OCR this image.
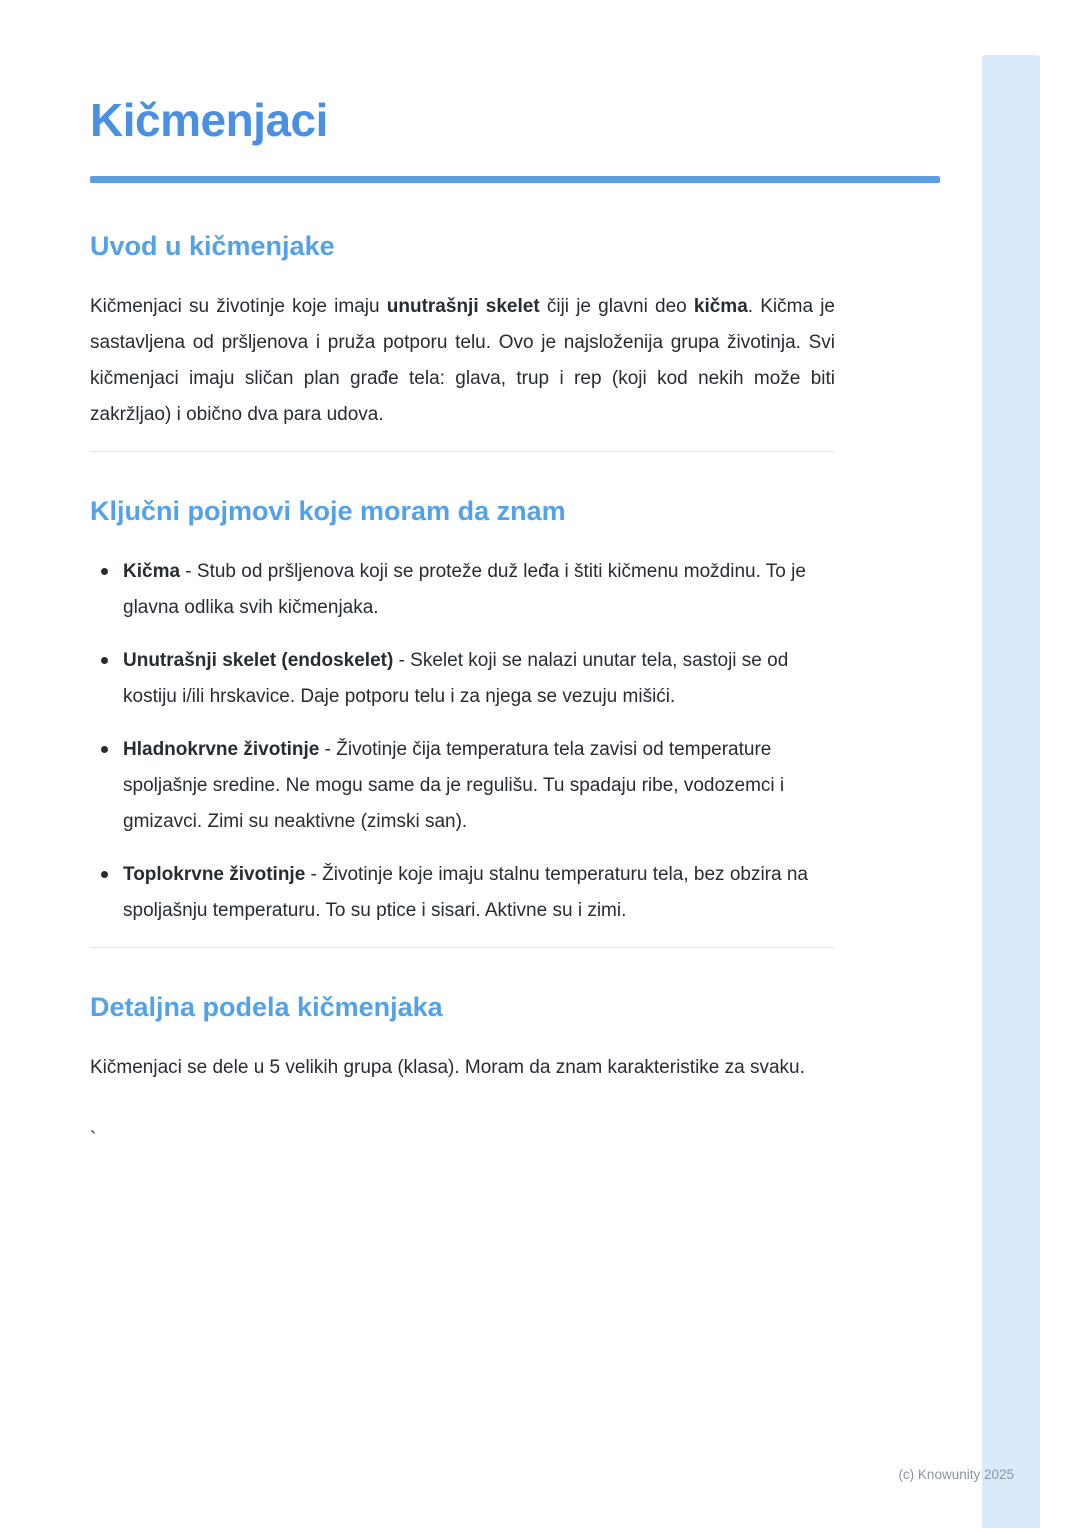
Kičmenjaci
Uvod u kičmenjake

Kičmenjaci su životinje koje imaju unutrašnji skelet čiji je glavni deo kičma. Kičma je sastavljena od pršljenova i pruža potporu telu. Ovo je najsloženija grupa životinja. Svi kičmenjaci imaju sličan plan građe tela: glava, trup i rep (koji kod nekih može biti zakržljao) i obično dva para udova.

Ključni pojmovi koje moram da znam
Kičma - Stub od pršljenova koji se proteže duž leđa i štiti kičmenu moždinu. To je glavna odlika svih kičmenjaka.
Unutrašnji skelet (endoskelet) - Skelet koji se nalazi unutar tela, sastoji se od kostiju i/ili hrskavice. Daje potporu telu i za njega se vezuju mišići.
Hladnokrvne životinje - Životinje čija temperatura tela zavisi od temperature spoljašnje sredine. Ne mogu same da je regulišu. Tu spadaju ribe, vodozemci i gmizavci. Zimi su neaktivne (zimski san).
Toplokrvne životinje - Životinje koje imaju stalnu temperaturu tela, bez obzira na spoljašnju temperaturu. To su ptice i sisari. Aktivne su i zimi.
Detaljna podela kičmenjaka

Kičmenjaci se dele u 5 velikih grupa (klasa). Moram da znam karakteristike za svaku.

`

(c) Knowunity 2025
